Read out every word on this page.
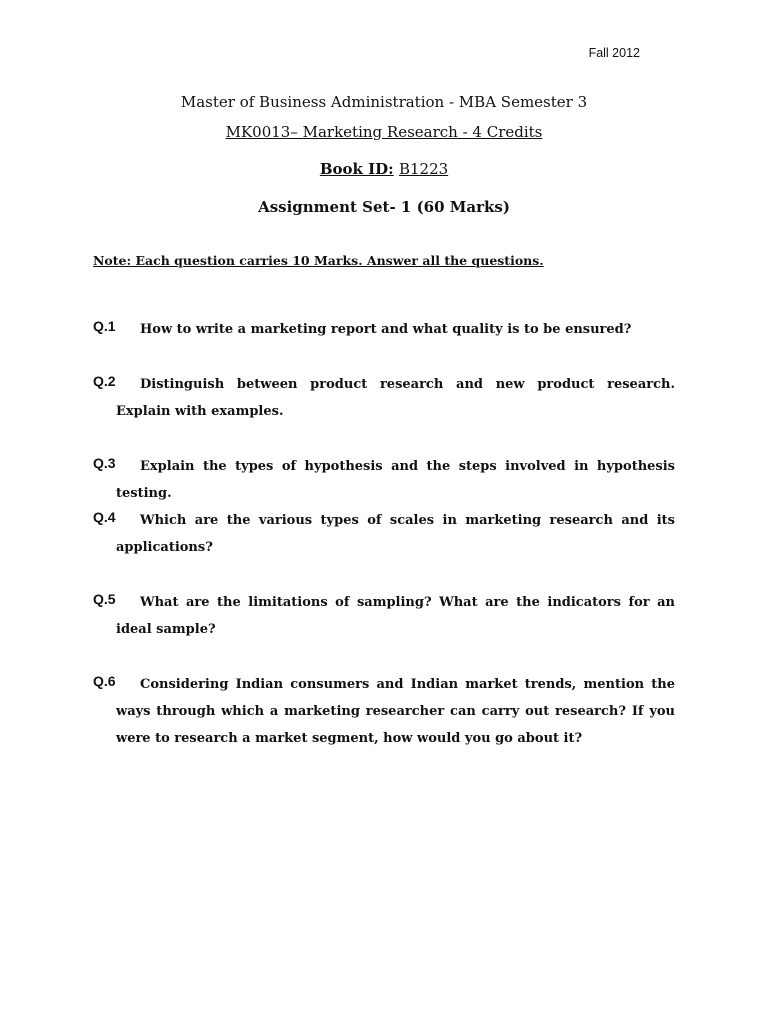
Fall 2012
Master of Business Administration - MBA Semester 3
MK0013– Marketing Research - 4 Credits
Book ID: B1223
Assignment Set- 1 (60 Marks)
Note: Each question carries 10 Marks. Answer all the questions.
Q.1	How to write a marketing report and what quality is to be ensured?

Q.2	Distinguish between product research and new product research. Explain with examples.

Q.3	Explain the types of hypothesis and the steps involved in hypothesis testing.

Q.4	Which are the various types of scales in marketing research and its applications?

Q.5	What are the limitations of sampling? What are the indicators for an ideal sample?

Q.6	Considering Indian consumers and Indian market trends, mention the ways through which a marketing researcher can carry out research? If you were to research a market segment, how would you go about it?
